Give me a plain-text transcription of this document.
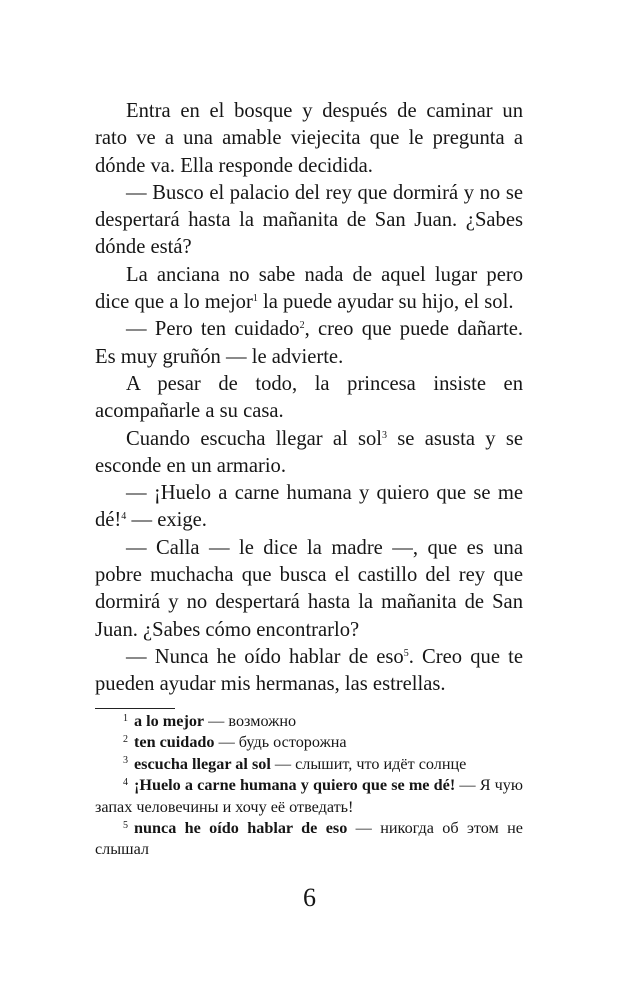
Entra en el bosque y después de caminar un rato ve a una amable viejecita que le pregunta a dónde va. Ella responde decidida.

— Busco el palacio del rey que dormirá y no se despertará hasta la mañanita de San Juan. ¿Sabes dónde está?

La anciana no sabe nada de aquel lugar pero dice que a lo mejor$^1$ la puede ayudar su hijo, el sol.

— Pero ten cuidado$^2$, creo que puede dañarte. Es muy gruñón — le advierte.

A pesar de todo, la princesa insiste en acompañarle a su casa.

Cuando escucha llegar al sol$^3$ se asusta y se esconde en un armario.

— ¡Huelo a carne humana y quiero que se me dé!$^4$ — exige.

— Calla — le dice la madre —, que es una pobre muchacha que busca el castillo del rey que dormirá y no despertará hasta la mañanita de San Juan. ¿Sabes cómo encontrarlo?

— Nunca he oído hablar de eso$^5$. Creo que te pueden ayudar mis hermanas, las estrellas.

$^1$ a lo mejor — возможно

$^2$ ten cuidado — будь осторожна

$^3$ escucha llegar al sol — слышит, что идёт солнце

$^4$ ¡Huelo a carne humana y quiero que se me dé! — Я чую запах человечины и хочу её отведать!

$^5$ nunca he oído hablar de eso — никогда об этом не слышал

6
